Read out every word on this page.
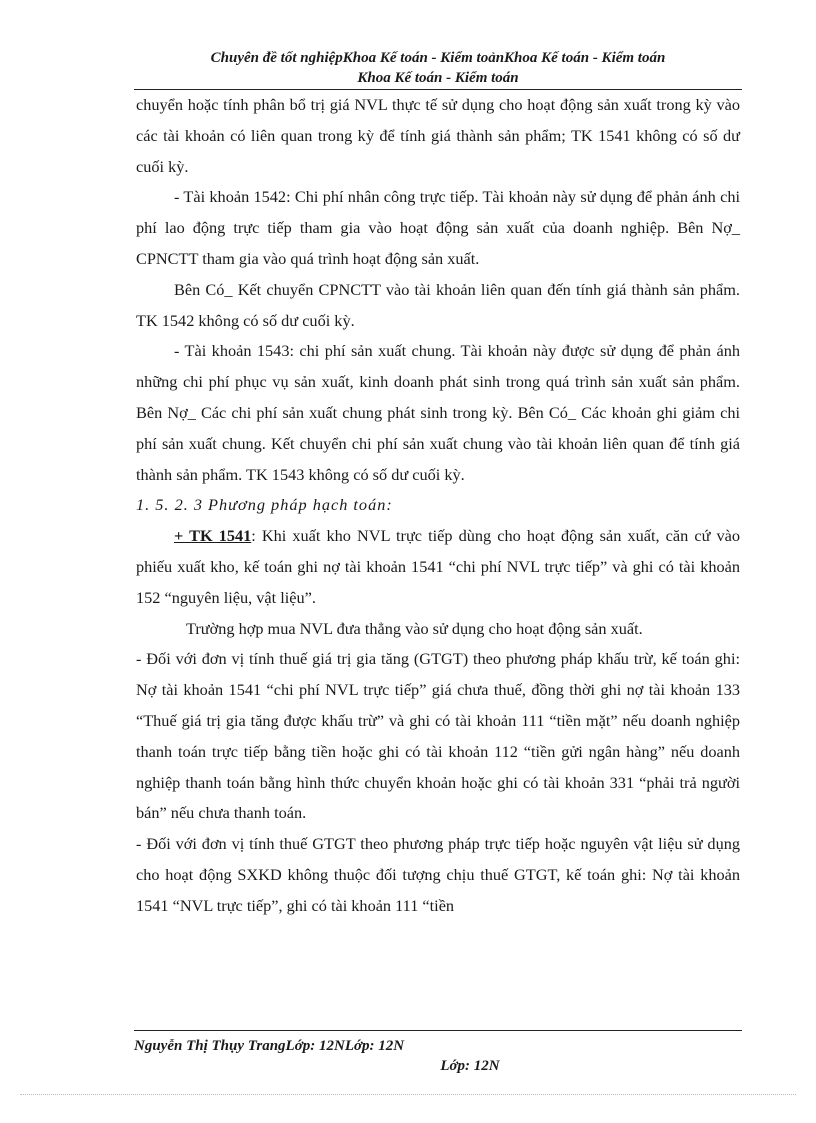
Chuyên đề tốt nghiệpKhoa Kế toán - Kiểm toảnKhoa Kế toán - Kiểm toán
Khoa Kế toán - Kiểm toán

chuyển hoặc tính phân bổ trị giá NVL thực tế sử dụng cho hoạt động sản xuất trong kỳ vào các tài khoản có liên quan trong kỳ để tính giá thành sản phẩm; TK 1541 không có số dư cuối kỳ.

- Tài khoản 1542: Chi phí nhân công trực tiếp. Tài khoản này sử dụng để phản ánh chi phí lao động trực tiếp tham gia vào hoạt động sản xuất của doanh nghiệp. Bên Nợ_ CPNCTT tham gia vào quá trình hoạt động sản xuất.

Bên Có_ Kết chuyển CPNCTT vào tài khoản liên quan đến tính giá thành sản phẩm. TK 1542 không có số dư cuối kỳ.

- Tài khoản 1543: chi phí sản xuất chung. Tài khoản này được sử dụng để phản ánh những chi phí phục vụ sản xuất, kinh doanh phát sinh trong quá trình sản xuất sản phẩm. Bên Nợ_ Các chi phí sản xuất chung phát sinh trong kỳ. Bên Có_ Các khoản ghi giảm chi phí sản xuất chung. Kết chuyển chi phí sản xuất chung vào tài khoản liên quan để tính giá thành sản phẩm. TK 1543 không có số dư cuối kỳ.

1. 5. 2. 3 Phương pháp hạch toán:

+ TK 1541: Khi xuất kho NVL trực tiếp dùng cho hoạt động sản xuất, căn cứ vào phiếu xuất kho, kế toán ghi nợ tài khoản 1541 “chi phí NVL trực tiếp” và ghi có tài khoản 152 “nguyên liệu, vật liệu”.

Trường hợp mua NVL đưa thẳng vào sử dụng cho hoạt động sản xuất.

- Đối với đơn vị tính thuế giá trị gia tăng (GTGT) theo phương pháp khấu trừ, kế toán ghi: Nợ tài khoản 1541 “chi phí NVL trực tiếp” giá chưa thuế, đồng thời ghi nợ tài khoản 133 “Thuế giá trị gia tăng được khấu trừ” và ghi có tài khoản 111 “tiền mặt” nếu doanh nghiệp thanh toán trực tiếp bằng tiền hoặc ghi có tài khoản 112 “tiền gửi ngân hàng” nếu doanh nghiệp thanh toán bằng hình thức chuyển khoản hoặc ghi có tài khoản 331 “phải trả người bán” nếu chưa thanh toán.

- Đối với đơn vị tính thuế GTGT theo phương pháp trực tiếp hoặc nguyên vật liệu sử dụng cho hoạt động SXKD không thuộc đối tượng chịu thuế GTGT, kế toán ghi: Nợ tài khoản 1541 “NVL trực tiếp”, ghi có tài khoản 111 “tiền

Nguyễn Thị Thụy TrangLớp: 12NLớp: 12N
Lớp: 12N
